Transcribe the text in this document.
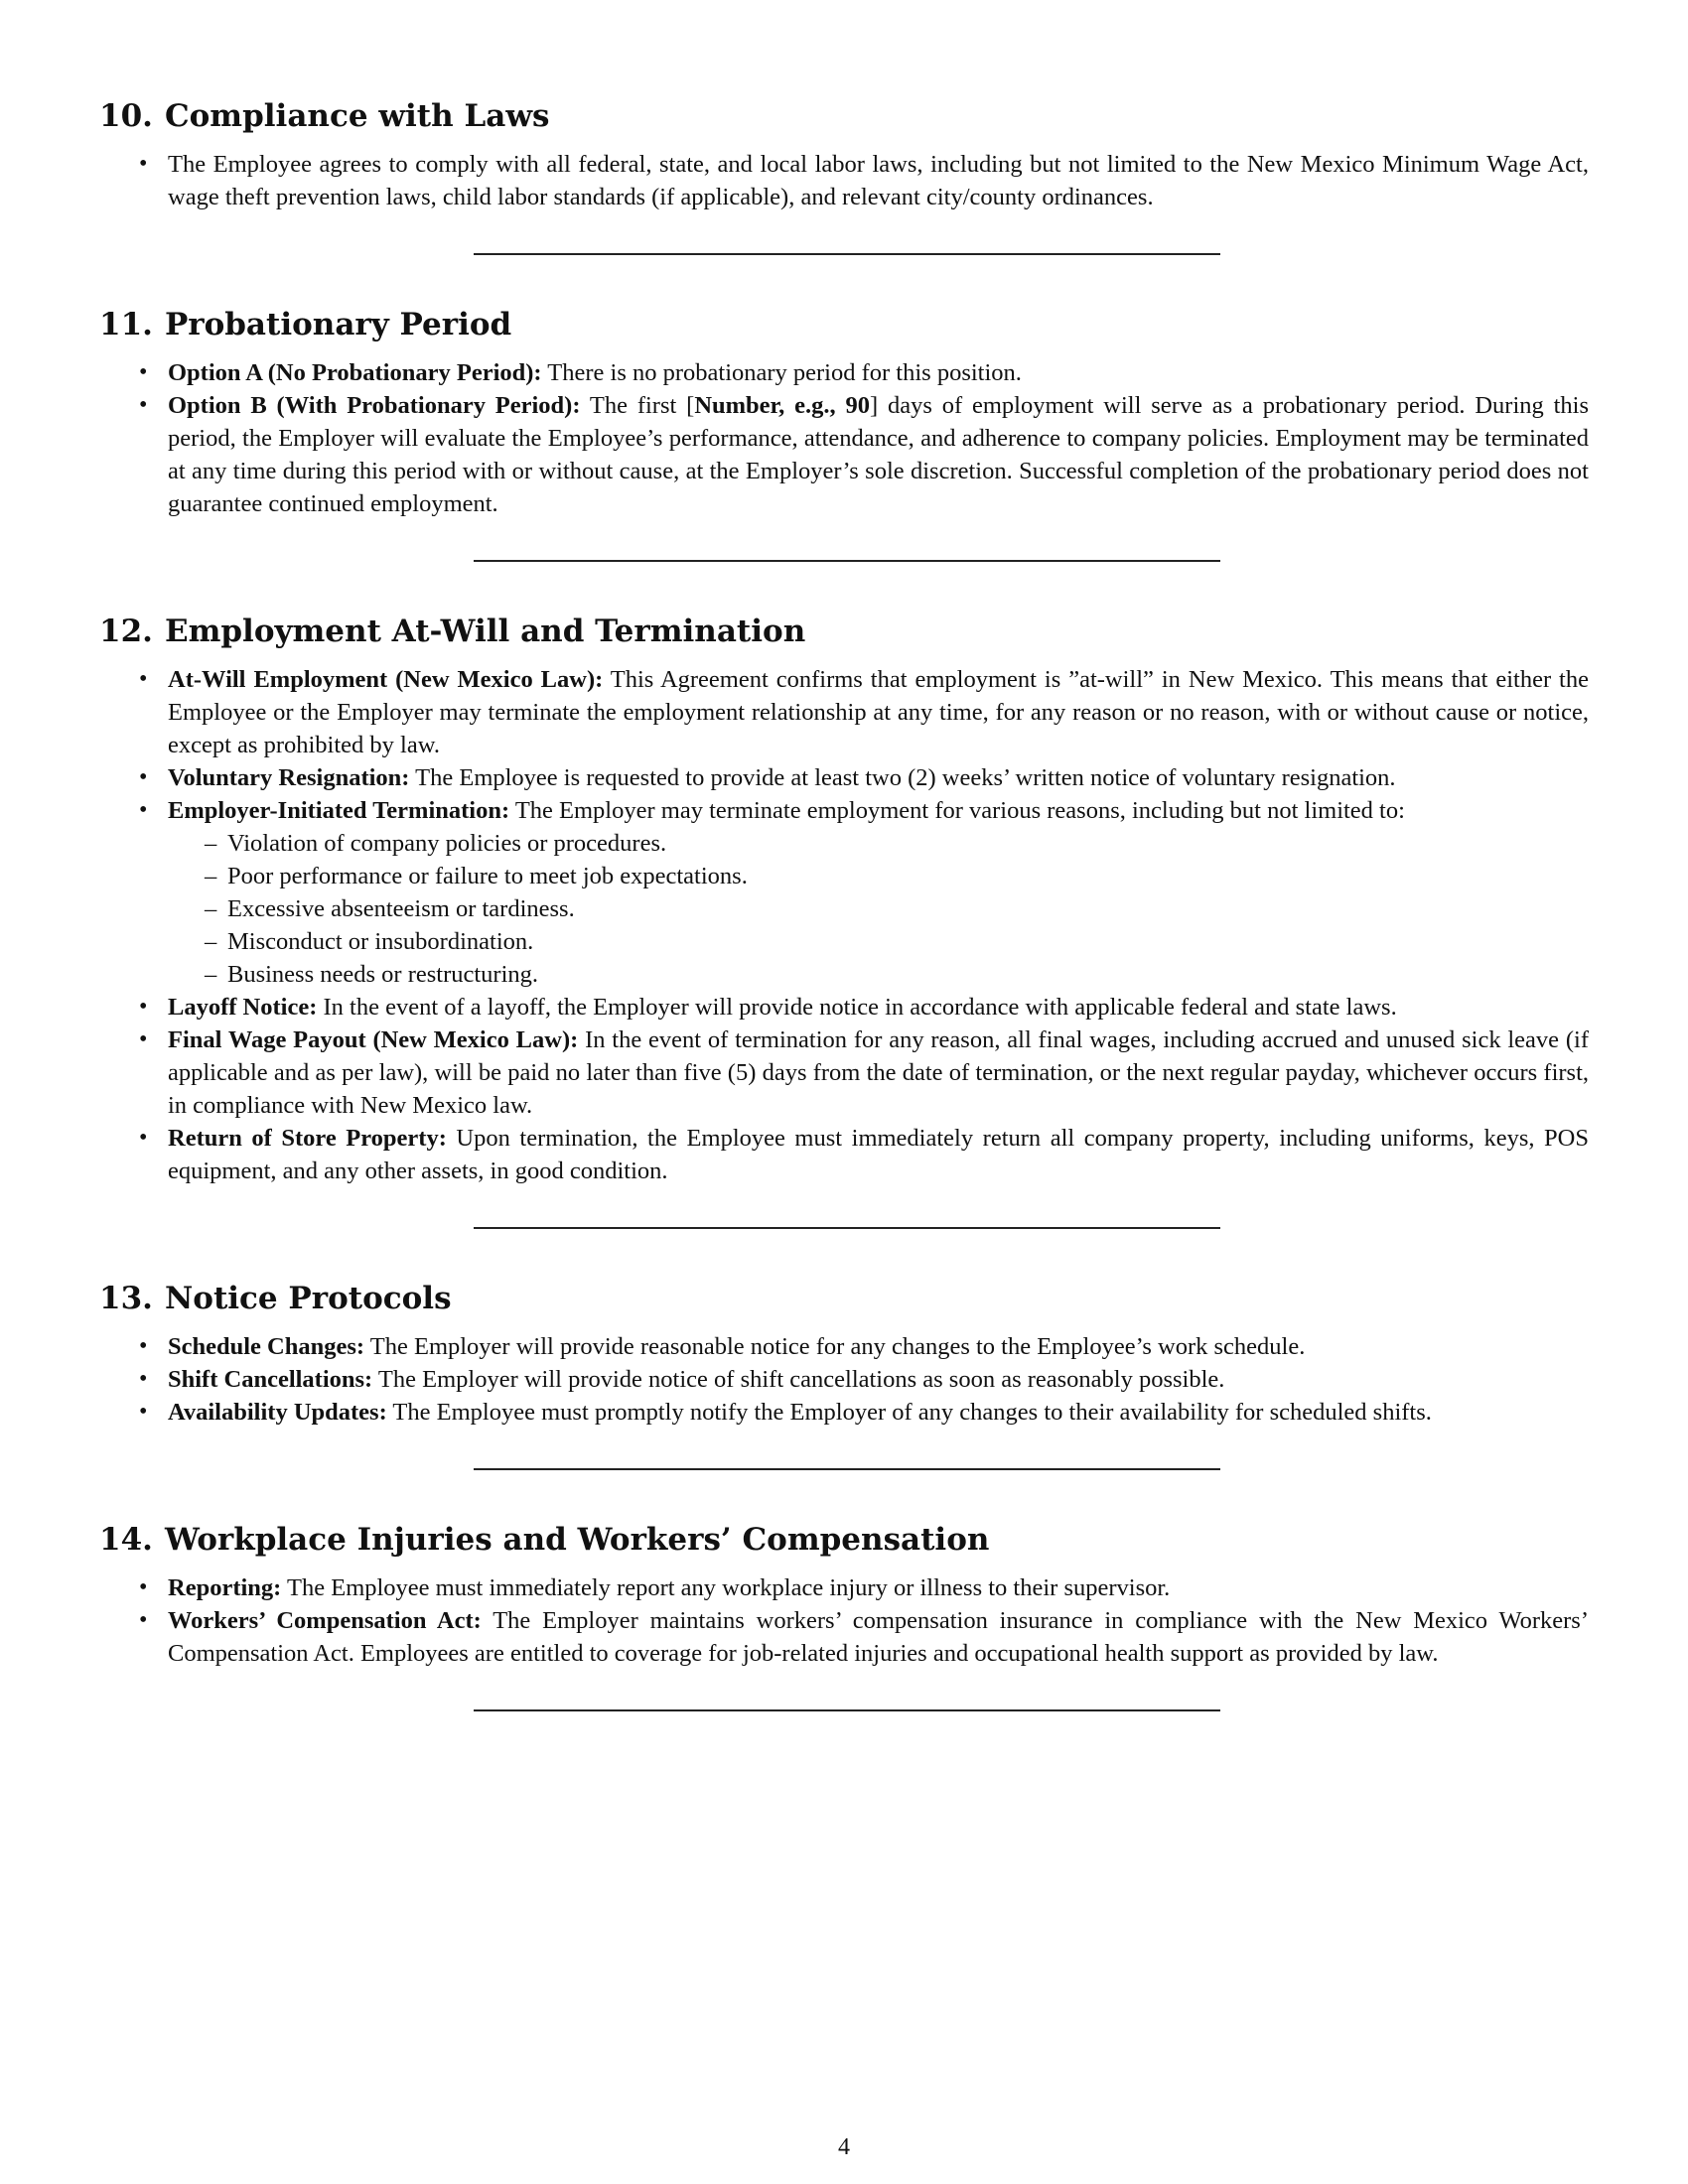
10. Compliance with Laws
• The Employee agrees to comply with all federal, state, and local labor laws, including but not limited to the New Mexico Minimum Wage Act, wage theft prevention laws, child labor standards (if applicable), and relevant city/county ordinances.
11. Probationary Period
• Option A (No Probationary Period): There is no probationary period for this position.
• Option B (With Probationary Period): The first [Number, e.g., 90] days of employment will serve as a probationary period. During this period, the Employer will evaluate the Employee’s performance, attendance, and adherence to company policies. Employment may be terminated at any time during this period with or without cause, at the Employer’s sole discretion. Successful completion of the probationary period does not guarantee continued employment.
12. Employment At-Will and Termination
• At-Will Employment (New Mexico Law): This Agreement confirms that employment is ”at-will” in New Mexico. This means that either the Employee or the Employer may terminate the employment relationship at any time, for any reason or no reason, with or without cause or notice, except as prohibited by law.
• Voluntary Resignation: The Employee is requested to provide at least two (2) weeks’ written notice of voluntary resignation.
• Employer-Initiated Termination: The Employer may terminate employment for various reasons, including but not limited to:
– Violation of company policies or procedures.
– Poor performance or failure to meet job expectations.
– Excessive absenteeism or tardiness.
– Misconduct or insubordination.
– Business needs or restructuring.
• Layoff Notice: In the event of a layoff, the Employer will provide notice in accordance with applicable federal and state laws.
• Final Wage Payout (New Mexico Law): In the event of termination for any reason, all final wages, including accrued and unused sick leave (if applicable and as per law), will be paid no later than five (5) days from the date of termination, or the next regular payday, whichever occurs first, in compliance with New Mexico law.
• Return of Store Property: Upon termination, the Employee must immediately return all company property, including uniforms, keys, POS equipment, and any other assets, in good condition.
13. Notice Protocols
• Schedule Changes: The Employer will provide reasonable notice for any changes to the Employee’s work schedule.
• Shift Cancellations: The Employer will provide notice of shift cancellations as soon as reasonably possible.
• Availability Updates: The Employee must promptly notify the Employer of any changes to their availability for scheduled shifts.
14. Workplace Injuries and Workers’ Compensation
• Reporting: The Employee must immediately report any workplace injury or illness to their supervisor.
• Workers’ Compensation Act: The Employer maintains workers’ compensation insurance in compliance with the New Mexico Workers’ Compensation Act. Employees are entitled to coverage for job-related injuries and occupational health support as provided by law.
4
